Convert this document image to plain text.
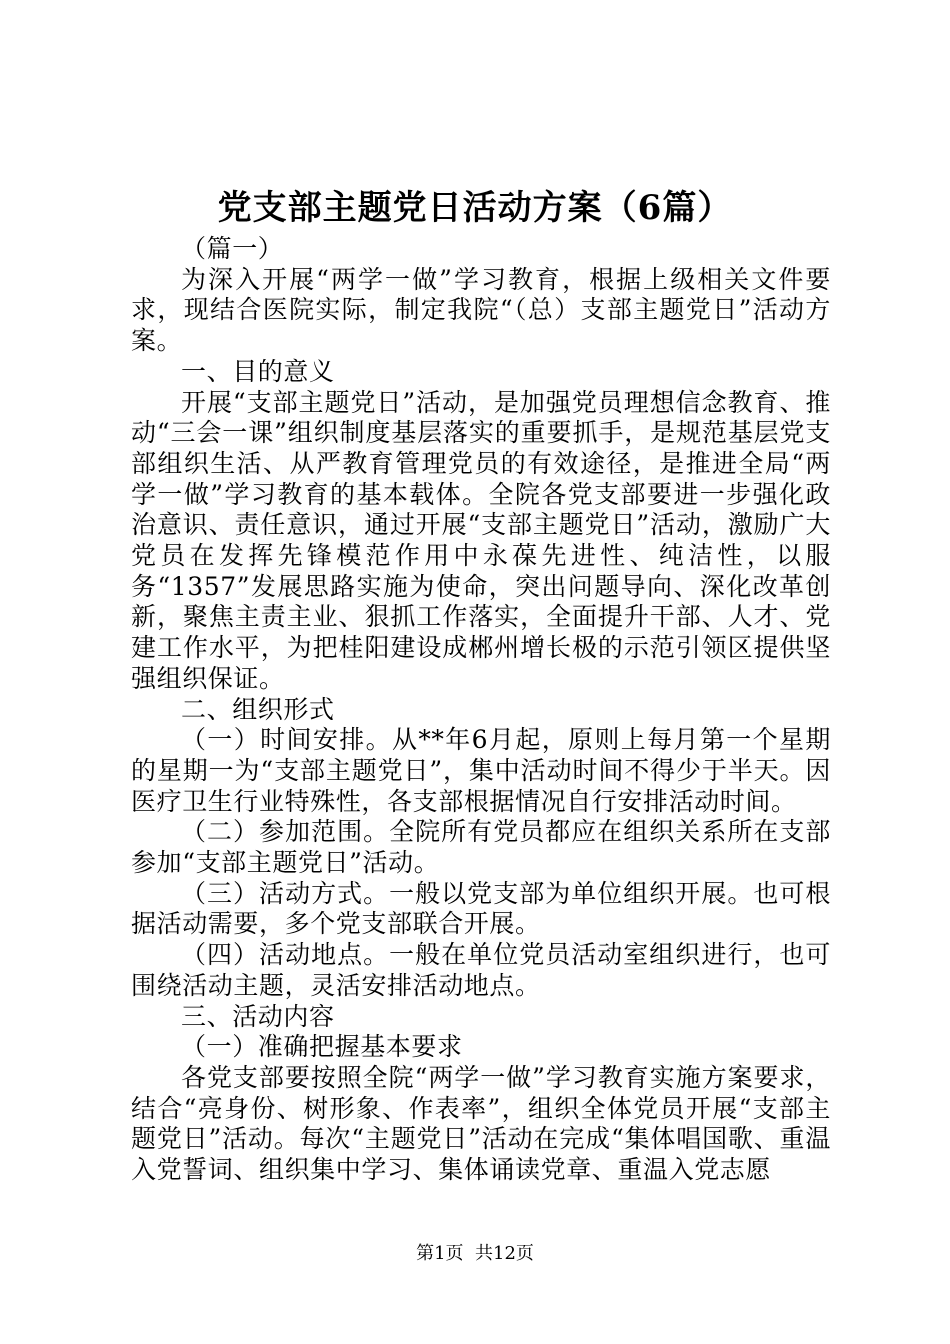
党支部主题党日活动方案（6篇）

（篇一）

为深入开展“两学一做”学习教育，根据上级相关文件要求，现结合医院实际，制定我院“（总）支部主题党日”活动方案。

一、目的意义

开展“支部主题党日”活动，是加强党员理想信念教育、推动“三会一课”组织制度基层落实的重要抓手，是规范基层党支部组织生活、从严教育管理党员的有效途径，是推进全局“两学一做”学习教育的基本载体。全院各党支部要进一步强化政治意识、责任意识，通过开展“支部主题党日”活动，激励广大党员在发挥先锋模范作用中永葆先进性、纯洁性，以服务“1357”发展思路实施为使命，突出问题导向、深化改革创新，聚焦主责主业、狠抓工作落实，全面提升干部、人才、党建工作水平，为把桂阳建设成郴州增长极的示范引领区提供坚强组织保证。

二、组织形式

（一）时间安排。从**年6月起，原则上每月第一个星期的星期一为“支部主题党日”，集中活动时间不得少于半天。因医疗卫生行业特殊性，各支部根据情况自行安排活动时间。

（二）参加范围。全院所有党员都应在组织关系所在支部参加“支部主题党日”活动。

（三）活动方式。一般以党支部为单位组织开展。也可根据活动需要，多个党支部联合开展。

（四）活动地点。一般在单位党员活动室组织进行，也可围绕活动主题，灵活安排活动地点。

三、活动内容

（一）准确把握基本要求

各党支部要按照全院“两学一做”学习教育实施方案要求，结合“亮身份、树形象、作表率”，组织全体党员开展“支部主题党日”活动。每次“主题党日”活动在完成“集体唱国歌、重温入党誓词、组织集中学习、集体诵读党章、重温入党志愿

第1页  共12页
